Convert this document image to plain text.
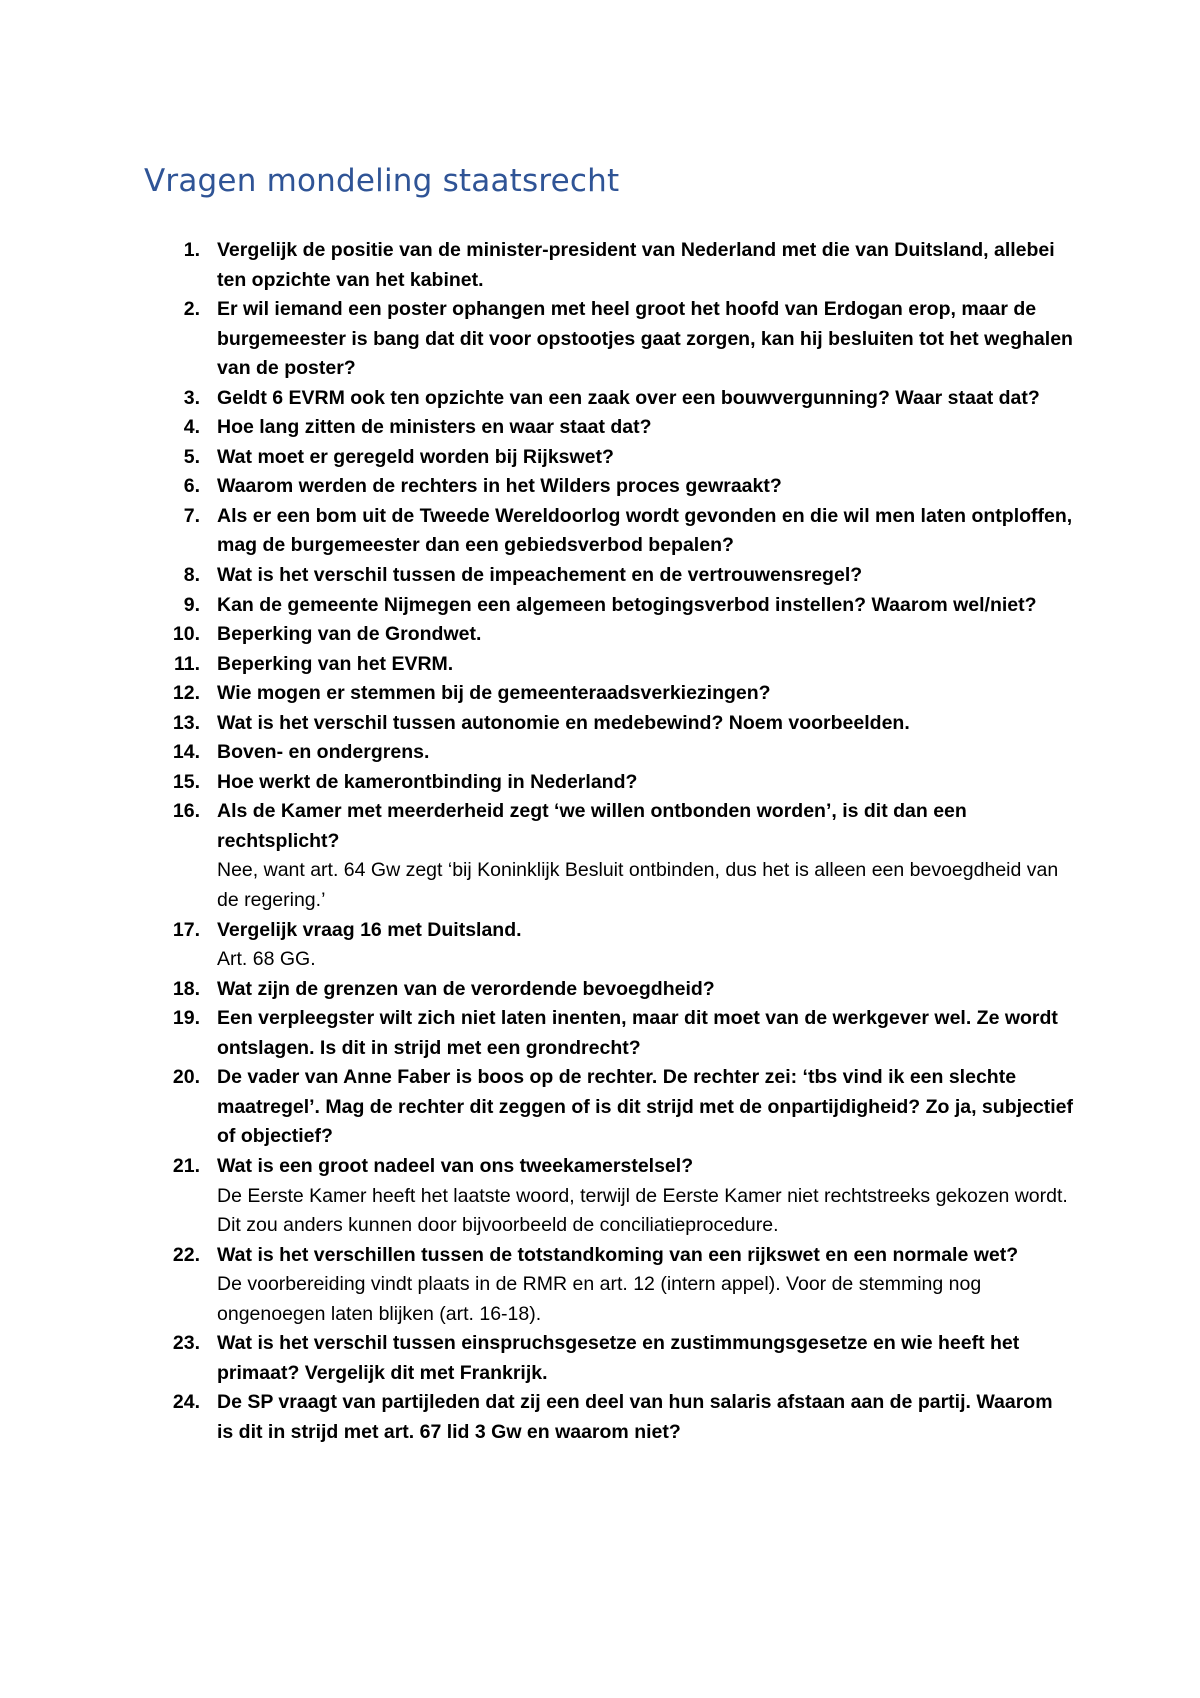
Vragen mondeling staatsrecht
1. Vergelijk de positie van de minister-president van Nederland met die van Duitsland, allebei ten opzichte van het kabinet.
2. Er wil iemand een poster ophangen met heel groot het hoofd van Erdogan erop, maar de burgemeester is bang dat dit voor opstootjes gaat zorgen, kan hij besluiten tot het weghalen van de poster?
3. Geldt 6 EVRM ook ten opzichte van een zaak over een bouwvergunning? Waar staat dat?
4. Hoe lang zitten de ministers en waar staat dat?
5. Wat moet er geregeld worden bij Rijkswet?
6. Waarom werden de rechters in het Wilders proces gewraakt?
7. Als er een bom uit de Tweede Wereldoorlog wordt gevonden en die wil men laten ontploffen, mag de burgemeester dan een gebiedsverbod bepalen?
8. Wat is het verschil tussen de impeachement en de vertrouwensregel?
9. Kan de gemeente Nijmegen een algemeen betogingsverbod instellen? Waarom wel/niet?
10. Beperking van de Grondwet.
11. Beperking van het EVRM.
12. Wie mogen er stemmen bij de gemeenteraadsverkiezingen?
13. Wat is het verschil tussen autonomie en medebewind? Noem voorbeelden.
14. Boven- en ondergrens.
15. Hoe werkt de kamerontbinding in Nederland?
16. Als de Kamer met meerderheid zegt ‘we willen ontbonden worden’, is dit dan een rechtsplicht?
Nee, want art. 64 Gw zegt ‘bij Koninklijk Besluit ontbinden, dus het is alleen een bevoegdheid van de regering.’
17. Vergelijk vraag 16 met Duitsland.
Art. 68 GG.
18. Wat zijn de grenzen van de verordende bevoegdheid?
19. Een verpleegster wilt zich niet laten inenten, maar dit moet van de werkgever wel. Ze wordt ontslagen. Is dit in strijd met een grondrecht?
20. De vader van Anne Faber is boos op de rechter. De rechter zei: ‘tbs vind ik een slechte maatregel’. Mag de rechter dit zeggen of is dit strijd met de onpartijdigheid? Zo ja, subjectief of objectief?
21. Wat is een groot nadeel van ons tweekamerstelsel?
De Eerste Kamer heeft het laatste woord, terwijl de Eerste Kamer niet rechtstreeks gekozen wordt. Dit zou anders kunnen door bijvoorbeeld de conciliatieprocedure.
22. Wat is het verschillen tussen de totstandkoming van een rijkswet en een normale wet?
De voorbereiding vindt plaats in de RMR en art. 12 (intern appel). Voor de stemming nog ongenoegen laten blijken (art. 16-18).
23. Wat is het verschil tussen einspruchsgesetze en zustimmungsgesetze en wie heeft het primaat? Vergelijk dit met Frankrijk.
24. De SP vraagt van partijleden dat zij een deel van hun salaris afstaan aan de partij. Waarom is dit in strijd met art. 67 lid 3 Gw en waarom niet?
